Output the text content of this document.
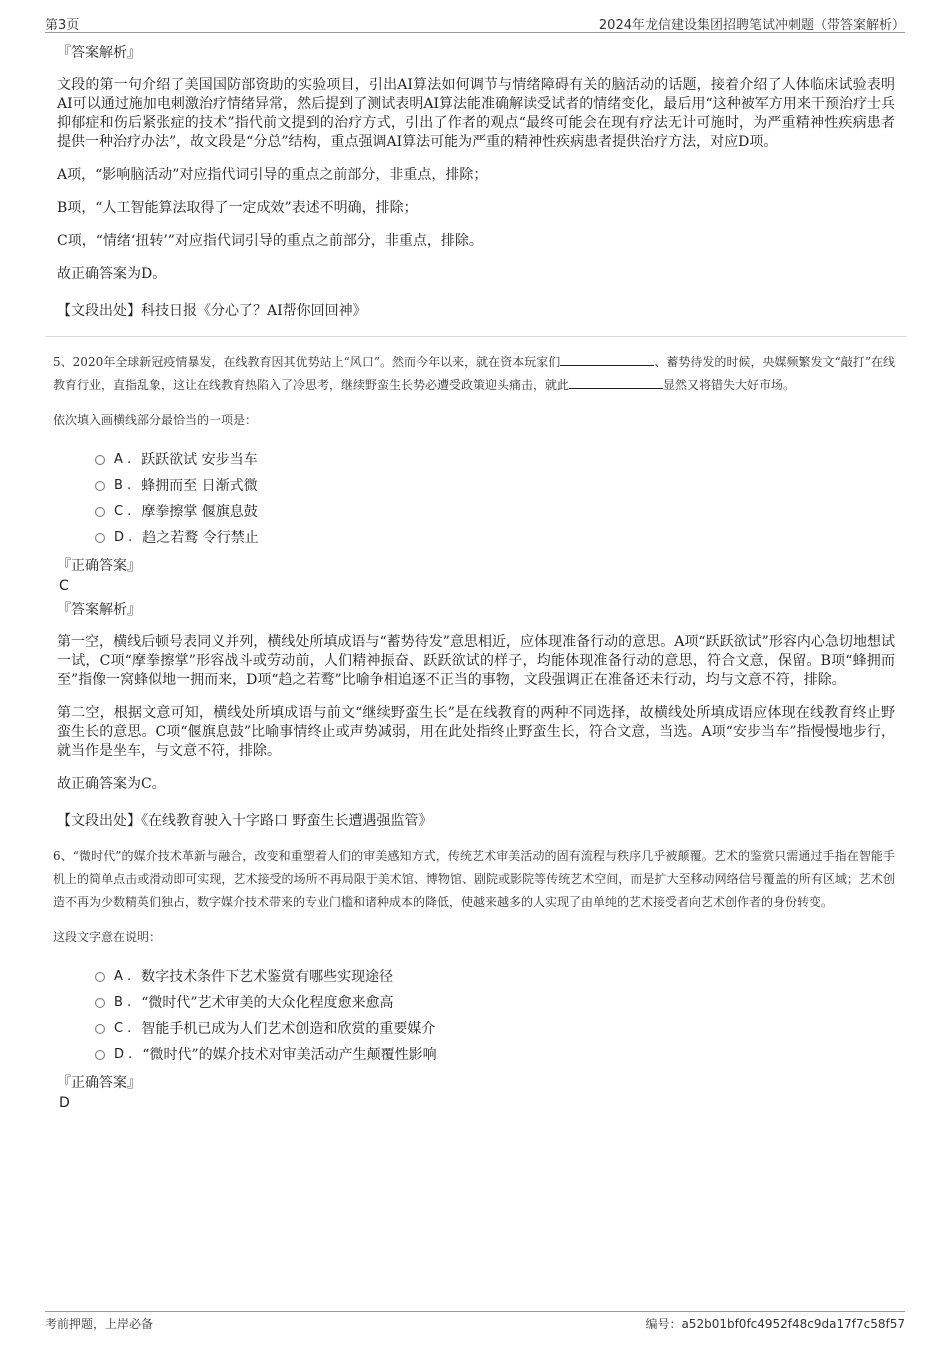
第3页	2024年龙信建设集团招聘笔试冲刺题（带答案解析）
『答案解析』

文段的第一句介绍了美国国防部资助的实验项目，引出AI算法如何调节与情绪障碍有关的脑活动的话题，接着介绍了人体临床试验表明AI可以通过施加电刺激治疗情绪异常，然后提到了测试表明AI算法能准确解读受试者的情绪变化，最后用“这种被军方用来干预治疗士兵抑郁症和伤后紧张症的技术”指代前文提到的治疗方式，引出了作者的观点“最终可能会在现有疗法无计可施时，为严重精神性疾病患者提供一种治疗办法”，故文段是“分总”结构，重点强调AI算法可能为严重的精神性疾病患者提供治疗方法，对应D项。

A项，“影响脑活动”对应指代词引导的重点之前部分，非重点，排除；

B项，“人工智能算法取得了一定成效”表述不明确，排除；

C项，“情绪‘扭转’”对应指代词引导的重点之前部分，非重点，排除。

故正确答案为D。

【文段出处】科技日报《分心了？AI帮你回回神》

5、2020年全球新冠疫情暴发，在线教育因其优势站上“风口”。然而今年以来，就在资本玩家们	、蓄势待发的时候，央媒频繁发文“敲打”在线教育行业，直指乱象，这让在线教育热陷入了冷思考，继续野蛮生长势必遭受政策迎头痛击，就此	显然又将错失大好市场。

依次填入画横线部分最恰当的一项是：

A . 跃跃欲试 安步当车
B . 蜂拥而至 日渐式微
C . 摩拳擦掌 偃旗息鼓
D . 趋之若鹜 令行禁止
『正确答案』
C
『答案解析』

第一空，横线后顿号表同义并列，横线处所填成语与“蓄势待发”意思相近，应体现准备行动的意思。A项“跃跃欲试”形容内心急切地想试一试，C项“摩拳擦掌”形容战斗或劳动前，人们精神振奋、跃跃欲试的样子，均能体现准备行动的意思，符合文意，保留。B项“蜂拥而至”指像一窝蜂似地一拥而来，D项“趋之若鹜”比喻争相追逐不正当的事物，文段强调正在准备还未行动，均与文意不符，排除。

第二空，根据文意可知，横线处所填成语与前文“继续野蛮生长”是在线教育的两种不同选择，故横线处所填成语应体现在线教育终止野蛮生长的意思。C项“偃旗息鼓”比喻事情终止或声势减弱，用在此处指终止野蛮生长，符合文意，当选。A项“安步当车”指慢慢地步行，就当作是坐车，与文意不符，排除。

故正确答案为C。

【文段出处】《在线教育驶入十字路口 野蛮生长遭遇强监管》

6、“微时代”的媒介技术革新与融合，改变和重塑着人们的审美感知方式，传统艺术审美活动的固有流程与秩序几乎被颠覆。艺术的鉴赏只需通过手指在智能手机上的简单点击或滑动即可实现，艺术接受的场所不再局限于美术馆、博物馆、剧院或影院等传统艺术空间，而是扩大至移动网络信号覆盖的所有区域；艺术创造不再为少数精英们独占，数字媒介技术带来的专业门槛和诸种成本的降低，使越来越多的人实现了由单纯的艺术接受者向艺术创作者的身份转变。

这段文字意在说明：

A . 数字技术条件下艺术鉴赏有哪些实现途径
B . “微时代”艺术审美的大众化程度愈来愈高
C . 智能手机已成为人们艺术创造和欣赏的重要媒介
D . “微时代”的媒介技术对审美活动产生颠覆性影响
『正确答案』
D
考前押题，上岸必备	编号：a52b01bf0fc4952f48c9da17f7c58f57
